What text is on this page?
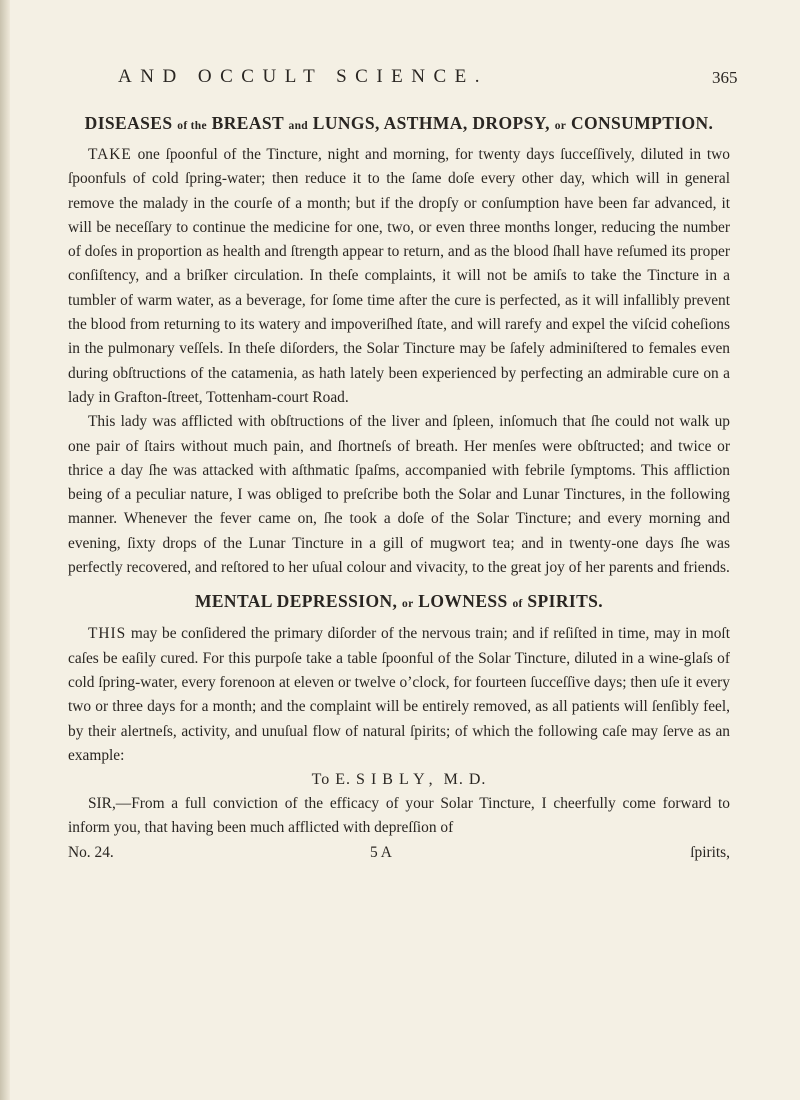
AND OCCULT SCIENCE.	365
DISEASES of the BREAST and LUNGS, ASTHMA, DROPSY, or CONSUMPTION.

TAKE one ſpoonful of the Tincture, night and morning, for twenty days ſucceſſively, diluted in two ſpoonfuls of cold ſpring-water; then reduce it to the ſame doſe every other day, which will in general remove the malady in the courſe of a month; but if the dropſy or conſumption have been far advanced, it will be neceſſary to continue the medicine for one, two, or even three months longer, reducing the number of doſes in proportion as health and ſtrength appear to return, and as the blood ſhall have reſumed its proper conſiſtency, and a briſker circulation. In theſe complaints, it will not be amiſs to take the Tincture in a tumbler of warm water, as a beverage, for ſome time after the cure is perfected, as it will infallibly prevent the blood from returning to its watery and impoveriſhed ſtate, and will rarefy and expel the viſcid coheſions in the pulmonary veſſels. In theſe diſorders, the Solar Tincture may be ſafely adminiſtered to females even during obſtructions of the catamenia, as hath lately been experienced by perfecting an admirable cure on a lady in Grafton-ſtreet, Tottenham-court Road.

This lady was afflicted with obſtructions of the liver and ſpleen, inſomuch that ſhe could not walk up one pair of ſtairs without much pain, and ſhortneſs of breath. Her menſes were obſtructed; and twice or thrice a day ſhe was attacked with aſthmatic ſpaſms, accompanied with febrile ſymptoms. This affliction being of a peculiar nature, I was obliged to preſcribe both the Solar and Lunar Tinctures, in the following manner. Whenever the fever came on, ſhe took a doſe of the Solar Tincture; and every morning and evening, ſixty drops of the Lunar Tincture in a gill of mugwort tea; and in twenty-one days ſhe was perfectly recovered, and reſtored to her uſual colour and vivacity, to the great joy of her parents and friends.

MENTAL DEPRESSION, or LOWNESS of SPIRITS.

THIS may be conſidered the primary diſorder of the nervous train; and if reſiſted in time, may in moſt caſes be eaſily cured. For this purpoſe take a table ſpoonful of the Solar Tincture, diluted in a wine-glaſs of cold ſpring-water, every forenoon at eleven or twelve o’clock, for fourteen ſucceſſive days; then uſe it every two or three days for a month; and the complaint will be entirely removed, as all patients will ſenſibly feel, by their alertneſs, activity, and unuſual flow of natural ſpirits; of which the following caſe may ſerve as an example:

To E. SIBLY, M. D.

SIR,—From a full conviction of the efficacy of your Solar Tincture, I cheerfully come forward to inform you, that having been much afflicted with depreſſion of

No. 24.	5 A	ſpirits,
